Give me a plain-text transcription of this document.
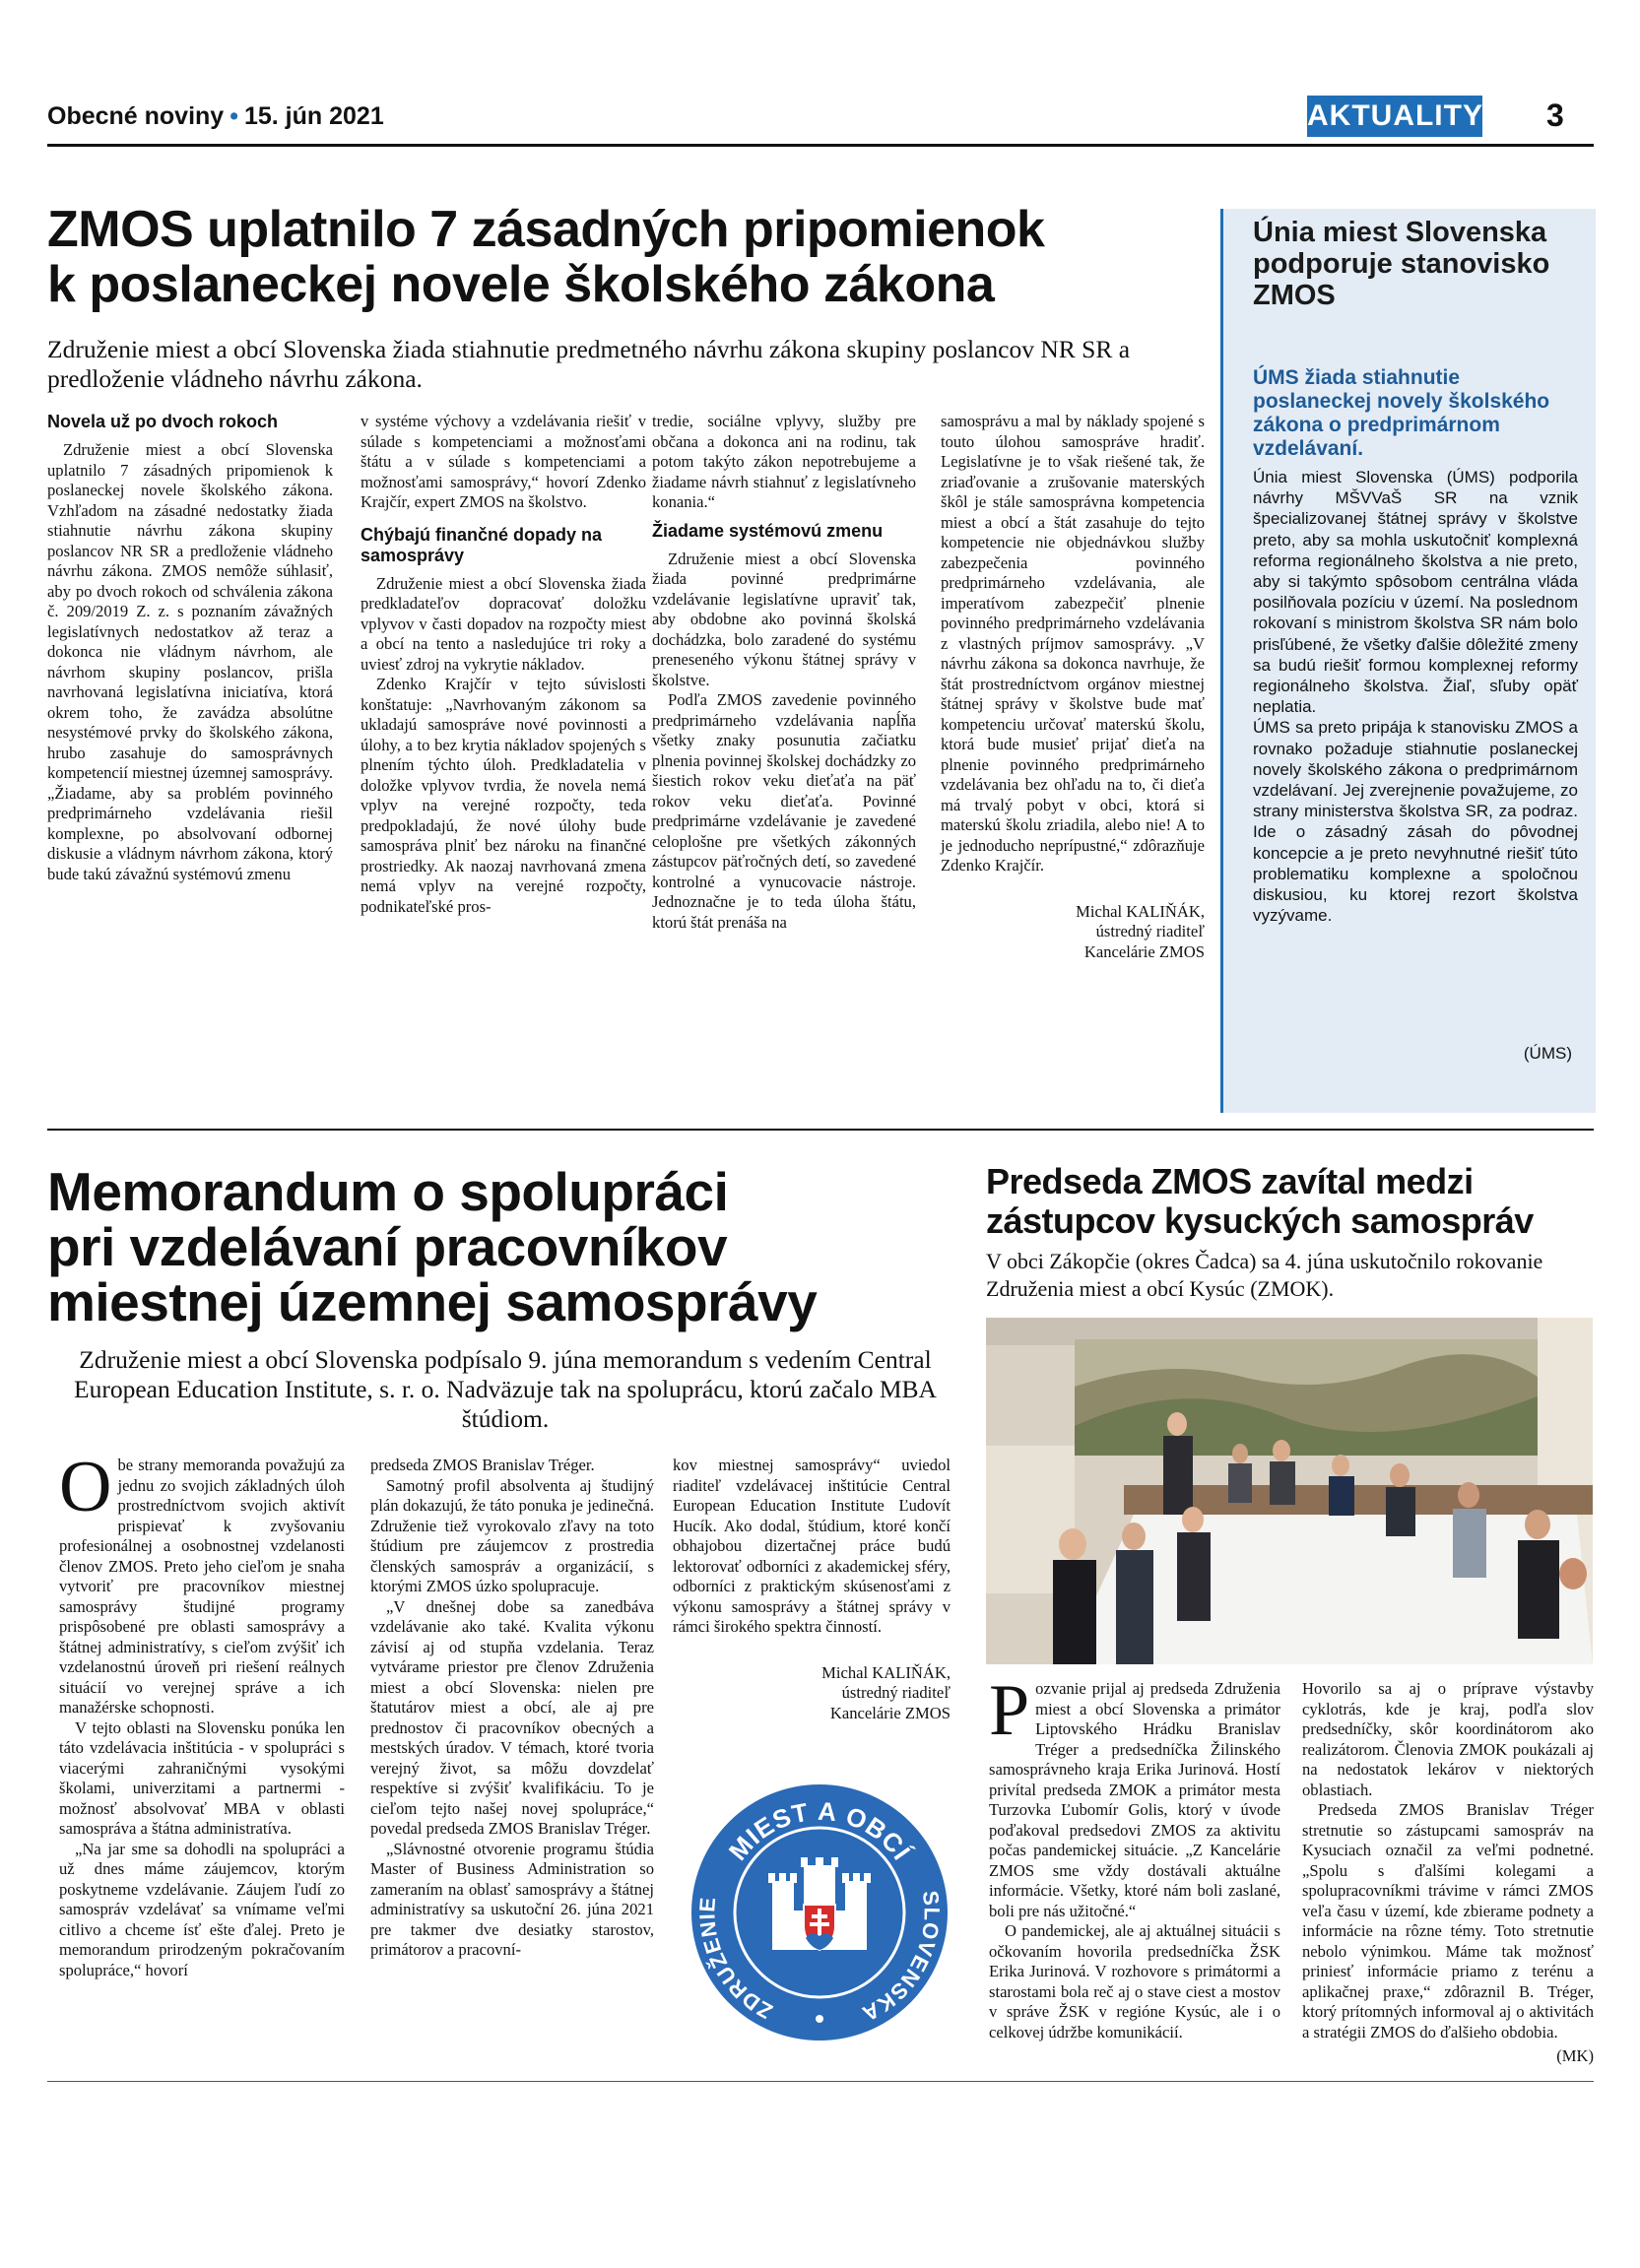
Obecné noviny • 15. jún 2021	AKTUALITY 3
ZMOS uplatnilo 7 zásadných pripomienok
k poslaneckej novele školského zákona
Združenie miest a obcí Slovenska žiada stiahnutie predmetného návrhu zákona skupiny poslancov NR SR a predloženie vládneho návrhu zákona.
Novela už po dvoch rokoch

Združenie miest a obcí Slovenska uplatnilo 7 zásadných pripomienok k poslaneckej novele školského zákona. Vzhľadom na zásadné nedostatky žiada stiahnutie návrhu zákona skupiny poslancov NR SR a predloženie vládneho návrhu zákona. ZMOS nemôže súhlasiť, aby po dvoch rokoch od schválenia zákona č. 209/2019 Z. z. s poznaním závažných legislatívnych nedostatkov až teraz a dokonca nie vládnym návrhom, ale návrhom skupiny poslancov, prišla navrhovaná legislatívna iniciatíva, ktorá okrem toho, že zavádza absolútne nesystémové prvky do školského zákona, hrubo zasahuje do samosprávnych kompetencií miestnej územnej samosprávy. „Žiadame, aby sa problém povinného predprimárneho vzdelávania riešil komplexne, po absolvovaní odbornej diskusie a vládnym návrhom zákona, ktorý bude takú závažnú systémovú zmenu

v systéme výchovy a vzdelávania riešiť v súlade s kompetenciami a možnosťami štátu a v súlade s kompetenciami a možnosťami samosprávy,“ hovorí Zdenko Krajčír, expert ZMOS na školstvo.

Chýbajú finančné dopady na samosprávy

Združenie miest a obcí Slovenska žiada predkladateľov dopracovať doložku vplyvov v časti dopadov na rozpočty miest a obcí na tento a nasledujúce tri roky a uviesť zdroj na vykrytie nákladov.

Zdenko Krajčír v tejto súvislosti konštatuje: „Navrhovaným zákonom sa ukladajú samospráve nové povinnosti a úlohy, a to bez krytia nákladov spojených s plnením týchto úloh. Predkladatelia v doložke vplyvov tvrdia, že novela nemá vplyv na verejné rozpočty, teda predpokladajú, že nové úlohy bude samospráva plniť bez nároku na finančné prostriedky. Ak naozaj navrhovaná zmena nemá vplyv na verejné rozpočty, podnikateľské pros-

tredie, sociálne vplyvy, služby pre občana a dokonca ani na rodinu, tak potom takýto zákon nepotrebujeme a žiadame návrh stiahnuť z legislatívneho konania.“

Žiadame systémovú zmenu

Združenie miest a obcí Slovenska žiada povinné predprimárne vzdelávanie legislatívne upraviť tak, aby obdobne ako povinná školská dochádzka, bolo zaradené do systému preneseného výkonu štátnej správy v školstve.

Podľa ZMOS zavedenie povinného predprimárneho vzdelávania napĺňa všetky znaky posunutia začiatku plnenia povinnej školskej dochádzky zo šiestich rokov veku dieťaťa na päť rokov veku dieťaťa. Povinné predprimárne vzdelávanie je zavedené celoplošne pre všetkých zákonných zástupcov päťročných detí, so zavedené kontrolné a vynucovacie nástroje. Jednoznačne je to teda úloha štátu, ktorú štát prenáša na

samosprávu a mal by náklady spojené s touto úlohou samospráve hradiť. Legislatívne je to však riešené tak, že zriaďovanie a zrušovanie materských škôl je stále samosprávna kompetencia miest a obcí a štát zasahuje do tejto kompetencie nie objednávkou služby zabezpečenia povinného predprimárneho vzdelávania, ale imperatívom zabezpečiť plnenie povinného predprimárneho vzdelávania z vlastných príjmov samosprávy. „V návrhu zákona sa dokonca navrhuje, že štát prostredníctvom orgánov miestnej štátnej správy v školstve bude mať kompetenciu určovať materskú školu, ktorá bude musieť prijať dieťa na plnenie povinného predprimárneho vzdelávania bez ohľadu na to, či dieťa má trvalý pobyt v obci, ktorá si materskú školu zriadila, alebo nie! A to je jednoducho neprípustné,“ zdôrazňuje Zdenko Krajčír.

Michal KALIŇÁK,

ústredný riaditeľ

Kancelárie ZMOS

Únia miest Slovenska podporuje stanovisko ZMOS
ÚMS žiada stiahnutie poslaneckej novely školského zákona o predprimárnom vzdelávaní.
Únia miest Slovenska (ÚMS) podporila návrhy MŠVVaŠ SR na vznik špecializovanej štátnej správy v školstve preto, aby sa mohla uskutočniť komplexná reforma regionálneho školstva a nie preto, aby si takýmto spôsobom centrálna vláda posilňovala pozíciu v území. Na poslednom rokovaní s ministrom školstva SR nám bolo prisľúbené, že všetky ďalšie dôležité zmeny sa budú riešiť formou komplexnej reformy regionálneho školstva. Žiaľ, sľuby opäť neplatia.
ÚMS sa preto pripája k stanovisku ZMOS a rovnako požaduje stiahnutie poslaneckej novely školského zákona o predprimárnom vzdelávaní. Jej zverejnenie považujeme, zo strany ministerstva školstva SR, za podraz. Ide o zásadný zásah do pôvodnej koncepcie a je preto nevyhnutné riešiť túto problematiku komplexne a spoločnou diskusiou, ku ktorej rezort školstva vyzývame.
(ÚMS)
Memorandum o spolupráci
pri vzdelávaní pracovníkov
miestnej územnej samosprávy
Združenie miest a obcí Slovenska podpísalo 9. júna memorandum s vedením Central European Education Institute, s. r. o. Nadväzuje tak na spoluprácu, ktorú začalo MBA štúdiom.
O be strany memoranda považujú za jednu zo svojich základných úloh prostredníctvom svojich aktivít prispievať k zvyšovaniu profesionálnej a osobnostnej vzdelanosti členov ZMOS. Preto jeho cieľom je snaha vytvoriť pre pracovníkov miestnej samosprávy študijné programy prispôsobené pre oblasti samosprávy a štátnej administratívy, s cieľom zvýšiť ich vzdelanostnú úroveň pri riešení reálnych situácií vo verejnej správe a ich manažérske schopnosti.

V tejto oblasti na Slovensku ponúka len táto vzdelávacia inštitúcia - v spolupráci s viacerými zahraničnými vysokými školami, univerzitami a partnermi - možnosť absolvovať MBA v oblasti samospráva a štátna administratíva.

„Na jar sme sa dohodli na spolupráci a už dnes máme záujemcov, ktorým poskytneme vzdelávanie. Záujem ľudí zo samospráv vzdelávať sa vnímame veľmi citlivo a chceme ísť ešte ďalej. Preto je memorandum prirodzeným pokračovaním spolupráce,“ hovorí

predseda ZMOS Branislav Tréger.

Samotný profil absolventa aj študijný plán dokazujú, že táto ponuka je jedinečná. Združenie tiež vyrokovalo zľavy na toto štúdium pre záujemcov z prostredia členských samospráv a organizácií, s ktorými ZMOS úzko spolupracuje.

„V dnešnej dobe sa zanedbáva vzdelávanie ako také. Kvalita výkonu závisí aj od stupňa vzdelania. Teraz vytvárame priestor pre členov Združenia miest a obcí Slovenska: nielen pre štatutárov miest a obcí, ale aj pre prednostov či pracovníkov obecných a mestských úradov. V témach, ktoré tvoria verejný život, sa môžu dovzdelať respektíve si zvýšiť kvalifikáciu. To je cieľom tejto našej novej spolupráce,“ povedal predseda ZMOS Branislav Tréger.

„Slávnostné otvorenie programu štúdia Master of Business Administration so zameraním na oblasť samosprávy a štátnej administratívy sa uskutoční 26. júna 2021 pre takmer dve desiatky starostov, primátorov a pracovní-

kov miestnej samosprávy“ uviedol riaditeľ vzdelávacej inštitúcie Central European Education Institute Ľudovít Hucík. Ako dodal, štúdium, ktoré končí obhajobou dizertačnej práce budú lektorovať odborníci z akademickej sféry, odborníci z praktickým skúsenosťami z výkonu samosprávy a štátnej správy v rámci širokého spektra činností.

Michal KALIŇÁK,

ústredný riaditeľ

Kancelárie ZMOS

MIEST A OBCÍ
ZDRUŽENIE	SLOVENSKA
Predseda ZMOS zavítal medzi
zástupcov kysuckých samospráv
V obci Zákopčie (okres Čadca) sa 4. júna uskutočnilo rokovanie Združenia miest a obcí Kysúc (ZMOK).
P ozvanie prijal aj predseda Združenia miest a obcí Slovenska a primátor Liptovského Hrádku Branislav Tréger a predsedníčka Žilinského samosprávneho kraja Erika Jurinová. Hostí privítal predseda ZMOK a primátor mesta Turzovka Ľubomír Golis, ktorý v úvode poďakoval predsedovi ZMOS za aktivitu počas pandemickej situácie. „Z Kancelárie ZMOS sme vždy dostávali aktuálne informácie. Všetky, ktoré nám boli zaslané, boli pre nás užitočné.“

O pandemickej, ale aj aktuálnej situácii s očkovaním hovorila predsedníčka ŽSK Erika Jurinová. V rozhovore s primátormi a starostami bola reč aj o stave ciest a mostov v správe ŽSK v regióne Kysúc, ale i o celkovej údržbe komunikácií.

Hovorilo sa aj o príprave výstavby cyklotrás, kde je kraj, podľa slov predsedníčky, skôr koordinátorom ako realizátorom. Členovia ZMOK poukázali aj na nedostatok lekárov v niektorých oblastiach.

Predseda ZMOS Branislav Tréger stretnutie so zástupcami samospráv na Kysuciach označil za veľmi podnetné. „Spolu s ďalšími kolegami a spolupracovníkmi trávime v rámci ZMOS veľa času v území, kde zbierame podnety a informácie na rôzne témy. Toto stretnutie nebolo výnimkou. Máme tak možnosť priniesť informácie priamo z terénu a aplikačnej praxe,“ zdôraznil B. Tréger, ktorý prítomných informoval aj o aktivitách a stratégii ZMOS do ďalšieho obdobia.

(MK)
